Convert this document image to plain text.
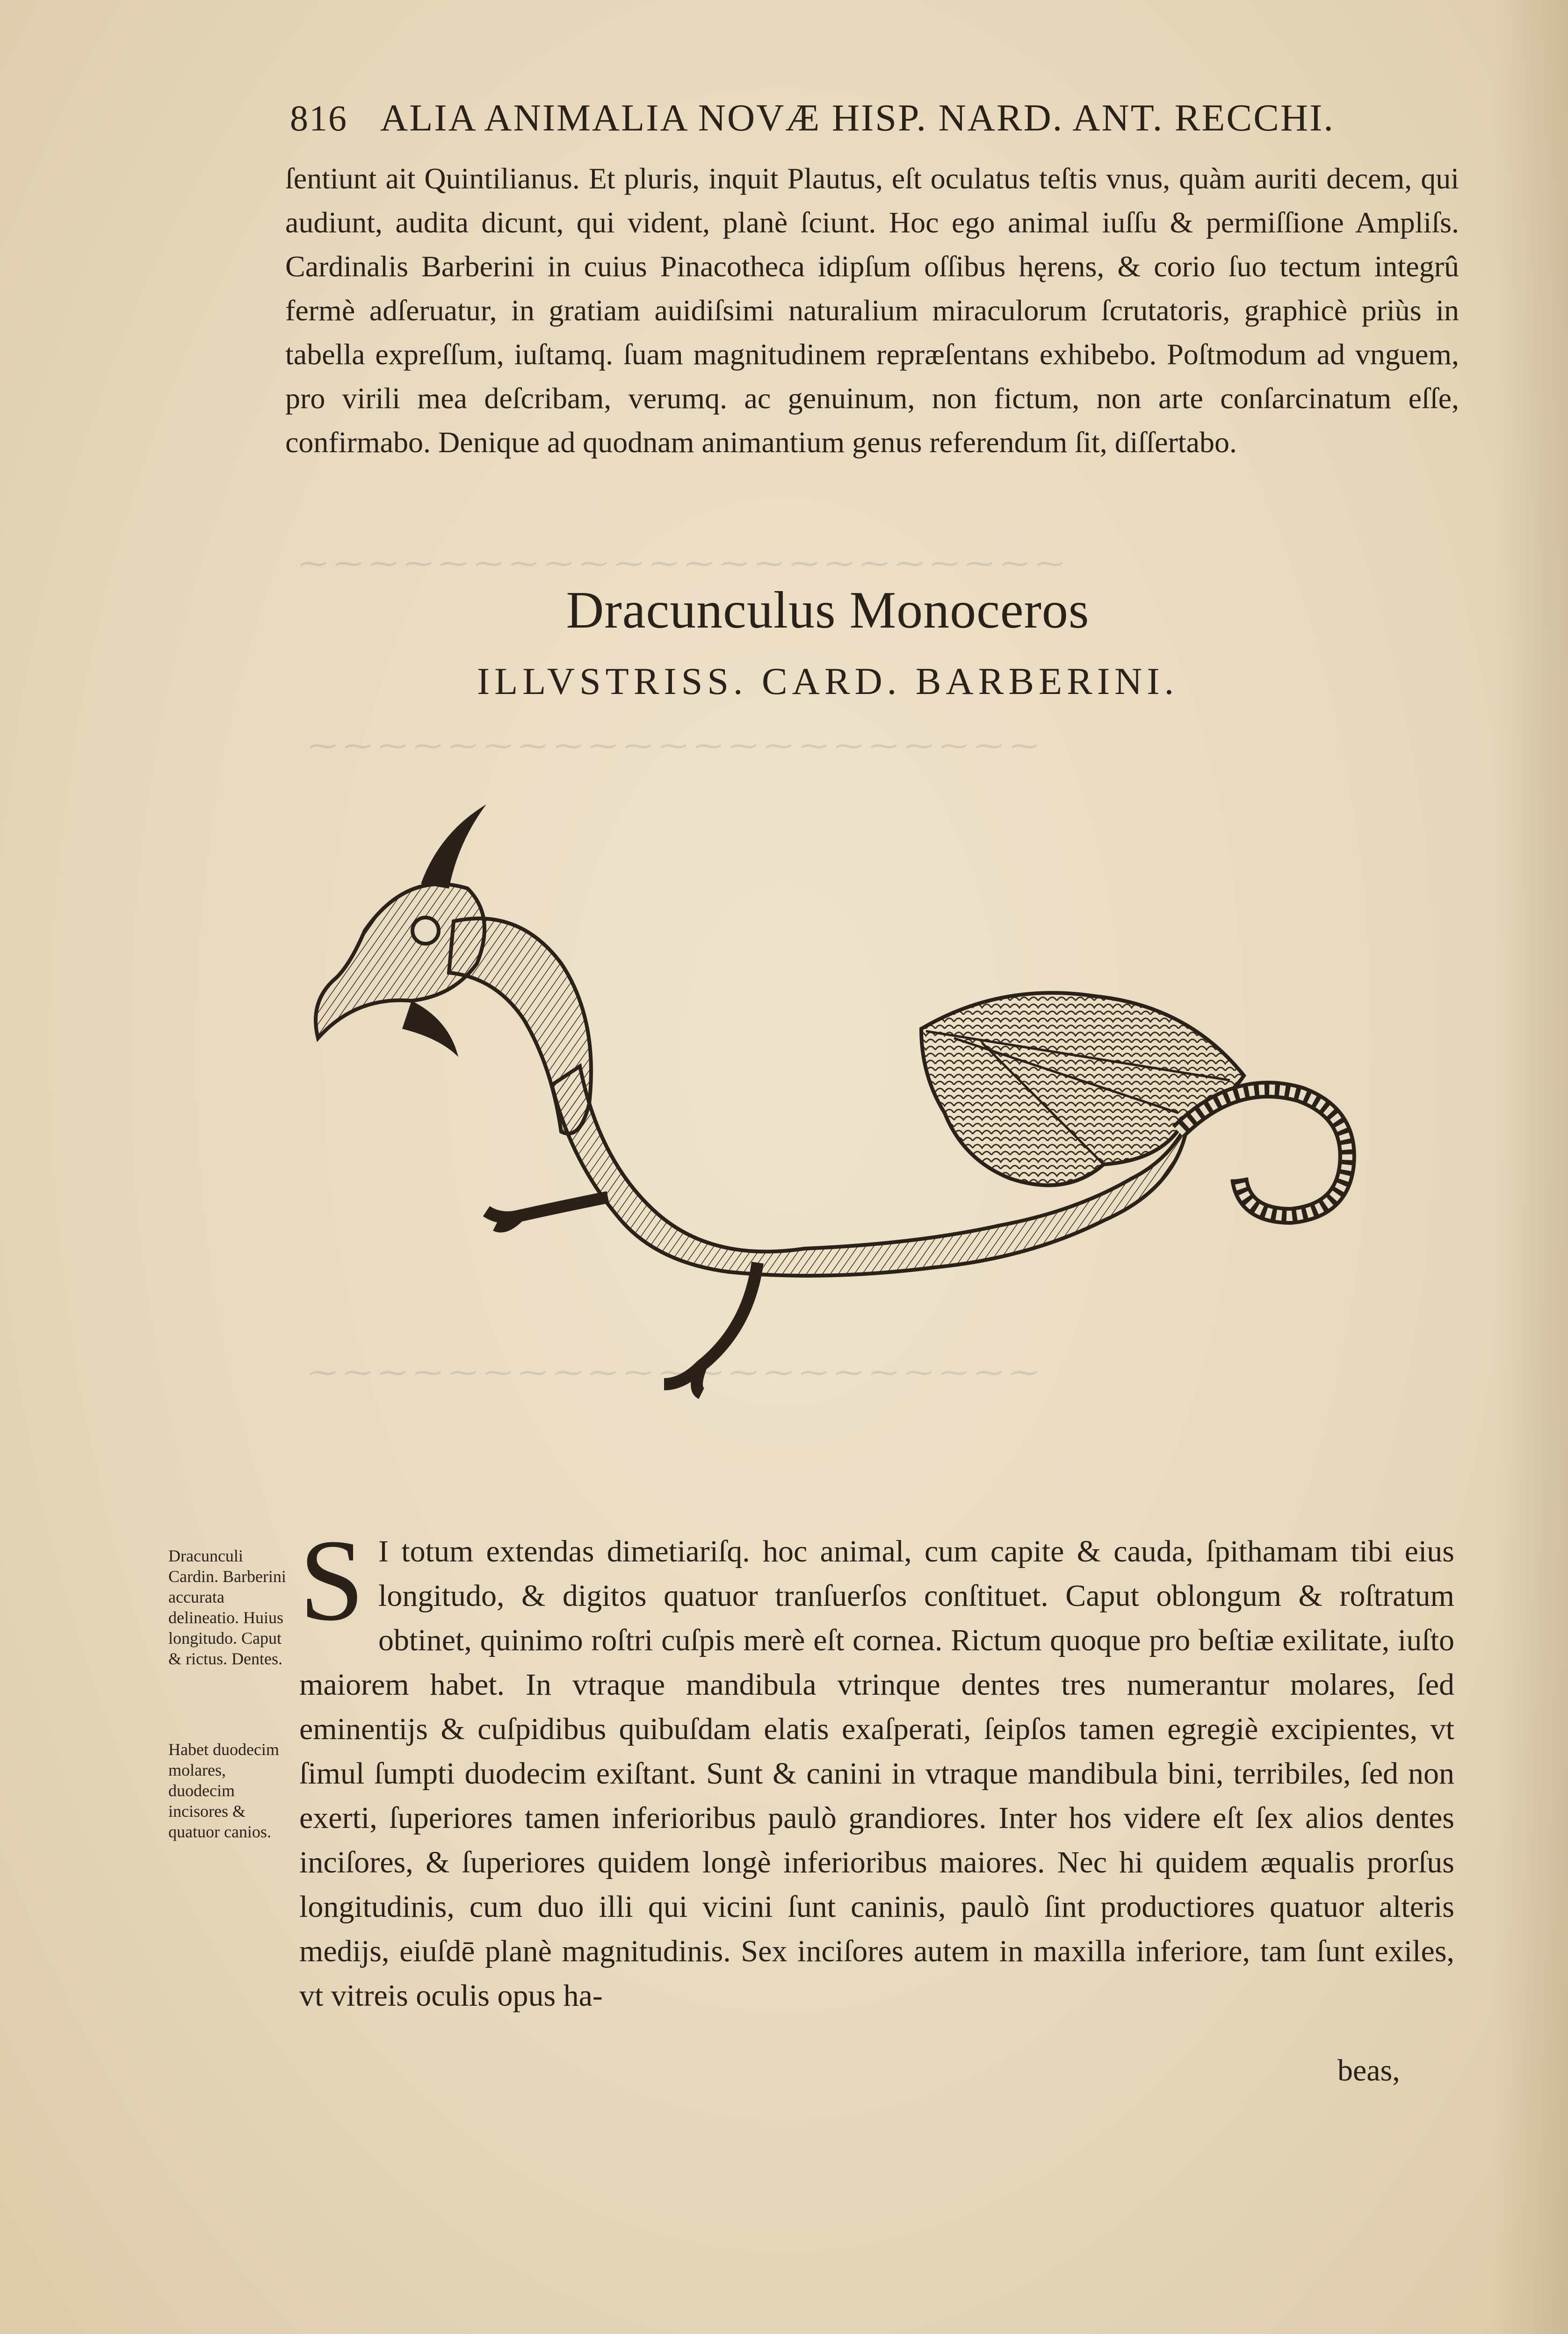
⁓ ⁓ ⁓ ⁓ ⁓ ⁓ ⁓ ⁓ ⁓ ⁓ ⁓ ⁓ ⁓ ⁓ ⁓ ⁓ ⁓ ⁓ ⁓ ⁓ ⁓ ⁓
⁓ ⁓ ⁓ ⁓ ⁓ ⁓ ⁓ ⁓ ⁓ ⁓ ⁓ ⁓ ⁓ ⁓ ⁓ ⁓ ⁓ ⁓ ⁓ ⁓ ⁓
⁓ ⁓ ⁓ ⁓ ⁓ ⁓ ⁓ ⁓ ⁓ ⁓ ⁓ ⁓ ⁓ ⁓ ⁓ ⁓ ⁓ ⁓ ⁓ ⁓ ⁓
816 ALIA ANIMALIA NOVÆ HISP. NARD. ANT. RECCHI.

ſentiunt ait Quintilianus. Et pluris, inquit Plautus, eſt oculatus teſtis vnus, quàm auriti decem, qui audiunt, audita dicunt, qui vident, planè ſciunt. Hoc ego animal iuſſu & permiſſione Ampliſs. Cardinalis Barberini in cuius Pinacotheca idipſum oſſibus hęrens, & corio ſuo tectum integrû fermè adſeruatur, in gratiam auidiſsimi naturalium miraculorum ſcrutatoris, graphicè priùs in tabella expreſſum, iuſtamq. ſuam magnitudinem repræſentans exhibebo. Poſtmodum ad vnguem, pro virili mea deſcribam, verumq. ac genuinum, non fictum, non arte conſarcinatum eſſe, confirmabo. Denique ad quodnam animantium genus referendum ſit, diſſertabo.

Dracunculus Monoceros
ILLVSTRISS. CARD. BARBERINI.
Dracunculi Cardin. Barberini accurata delineatio. Huius longitudo. Caput & rictus. Dentes.
Habet duodecim molares, duodecim incisores & quatuor canios.

S I totum extendas dimetiariſq. hoc animal, cum capite & cauda, ſpithamam tibi eius longitudo, & digitos quatuor tranſuerſos conſtituet. Caput oblongum & roſtratum obtinet, quinimo roſtri cuſpis merè eſt cornea. Rictum quoque pro beſtiæ exilitate, iuſto maiorem habet. In vtraque mandibula vtrinque dentes tres numerantur molares, ſed eminentijs & cuſpidibus quibuſdam elatis exaſperati, ſeipſos tamen egregiè excipientes, vt ſimul ſumpti duodecim exiſtant. Sunt & canini in vtraque mandibula bini, terribiles, ſed non exerti, ſuperiores tamen inferioribus paulò grandiores. Inter hos videre eſt ſex alios dentes inciſores, & ſuperiores quidem longè inferioribus maiores. Nec hi quidem æqualis prorſus longitudinis, cum duo illi qui vicini ſunt caninis, paulò ſint productiores quatuor alteris medijs, eiuſdē planè magnitudinis. Sex inciſores autem in maxilla inferiore, tam ſunt exiles, vt vitreis oculis opus ha-

beas,
